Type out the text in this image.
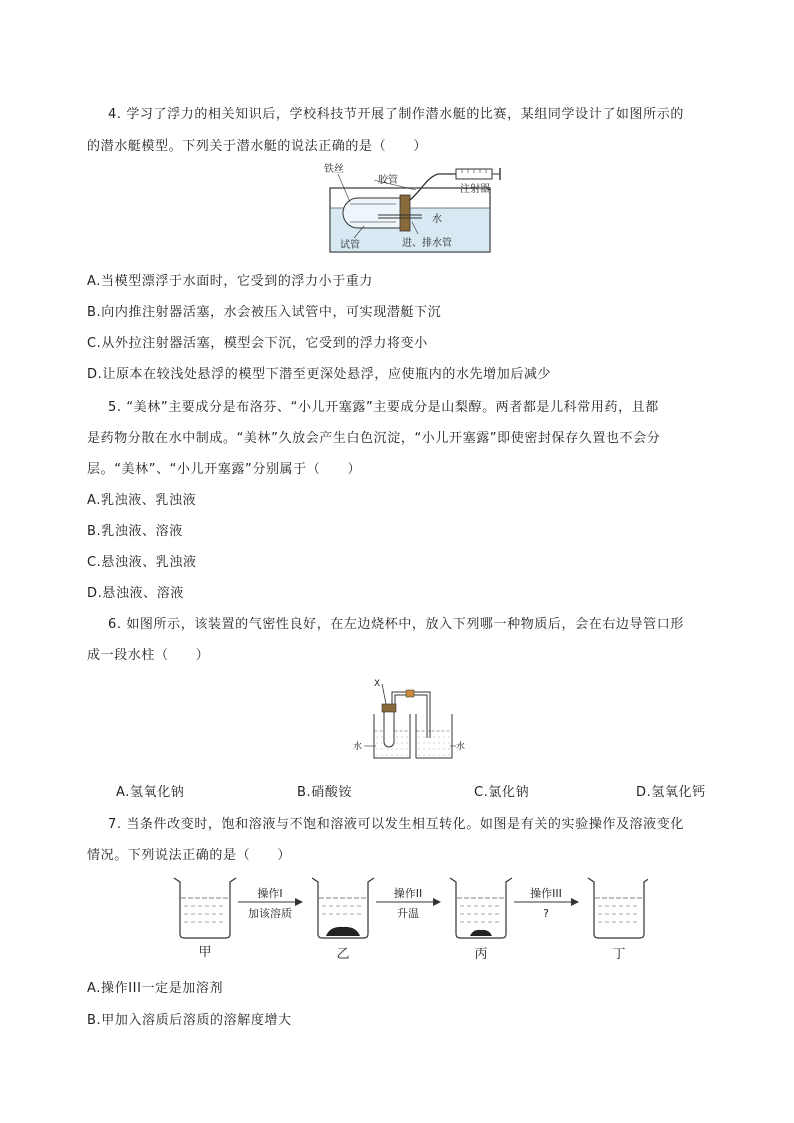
4. 学习了浮力的相关知识后，学校科技节开展了制作潜水艇的比赛，某组同学设计了如图所示的
的潜水艇模型。下列关于潜水艇的说法正确的是（　　）
铁丝
胶管
注射器
水
试管	进、排水管
A.当模型漂浮于水面时，它受到的浮力小于重力
B.向内推注射器活塞，水会被压入试管中，可实现潜艇下沉
C.从外拉注射器活塞，模型会下沉，它受到的浮力将变小
D.让原本在较浅处悬浮的模型下潜至更深处悬浮，应使瓶内的水先增加后减少
5. “美林”主要成分是布洛芬、“小儿开塞露”主要成分是山梨醇。两者都是儿科常用药，且都
是药物分散在水中制成。“美林”久放会产生白色沉淀，“小儿开塞露”即使密封保存久置也不会分
层。“美林”、“小儿开塞露”分别属于（　　）
A.乳浊液、乳浊液
B.乳浊液、溶液
C.悬浊液、乳浊液
D.悬浊液、溶液
6. 如图所示，该装置的气密性良好，在左边烧杯中，放入下列哪一种物质后，会在右边导管口形
成一段水柱（　　）
X
水	水
A.氢氧化钠	B.硝酸铵	C.氯化钠	D.氢氧化钙
7. 当条件改变时，饱和溶液与不饱和溶液可以发生相互转化。如图是有关的实验操作及溶液变化
情况。下列说法正确的是（　　）
操作I
加该溶质
操作II
升温
操作III
?
甲	乙	丙	丁
A.操作III一定是加溶剂
B.甲加入溶质后溶质的溶解度增大
